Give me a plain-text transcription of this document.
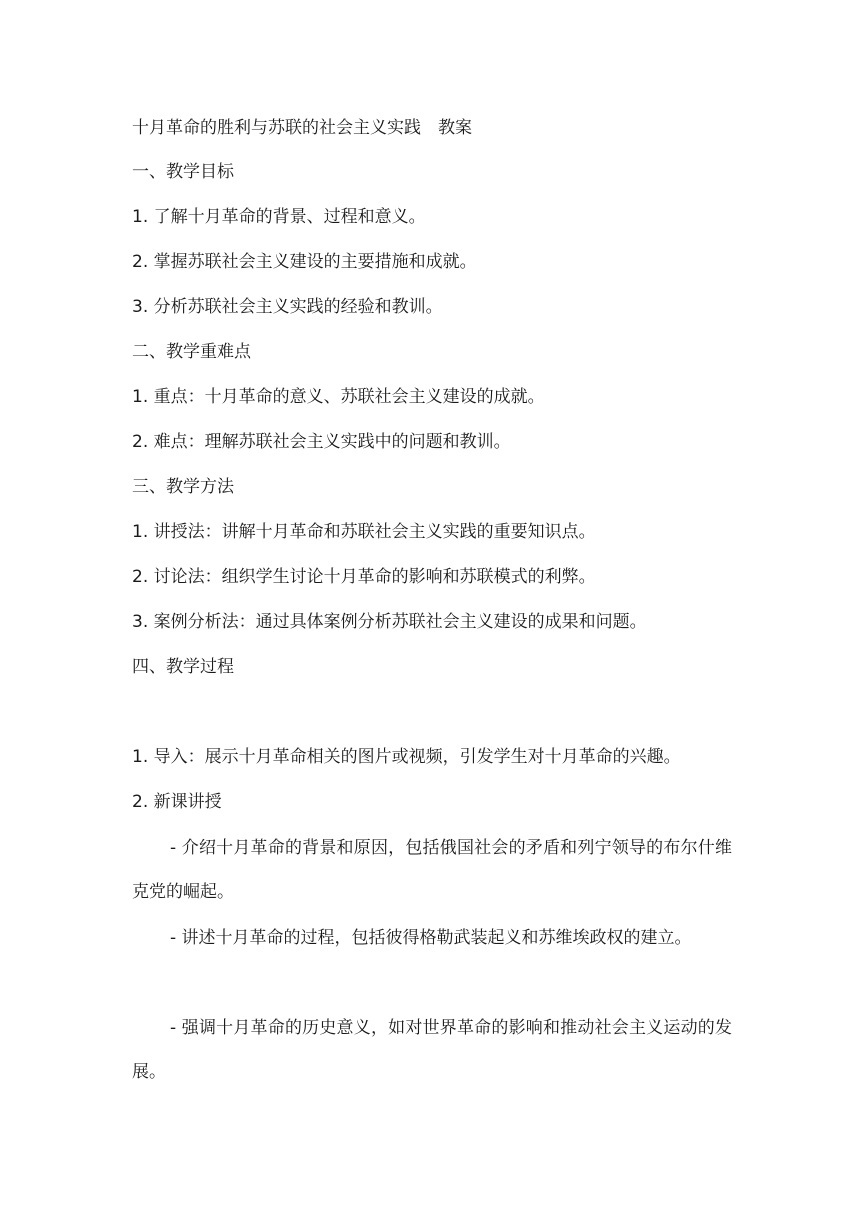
十月革命的胜利与苏联的社会主义实践　教案
一、教学目标
1. 了解十月革命的背景、过程和意义。
2. 掌握苏联社会主义建设的主要措施和成就。
3. 分析苏联社会主义实践的经验和教训。
二、教学重难点
1. 重点：十月革命的意义、苏联社会主义建设的成就。
2. 难点：理解苏联社会主义实践中的问题和教训。
三、教学方法
1. 讲授法：讲解十月革命和苏联社会主义实践的重要知识点。
2. 讨论法：组织学生讨论十月革命的影响和苏联模式的利弊。
3. 案例分析法：通过具体案例分析苏联社会主义建设的成果和问题。
四、教学过程
1. 导入：展示十月革命相关的图片或视频，引发学生对十月革命的兴趣。
2. 新课讲授
- 介绍十月革命的背景和原因，包括俄国社会的矛盾和列宁领导的布尔什维克党的崛起。
- 讲述十月革命的过程，包括彼得格勒武装起义和苏维埃政权的建立。
- 强调十月革命的历史意义，如对世界革命的影响和推动社会主义运动的发展。
